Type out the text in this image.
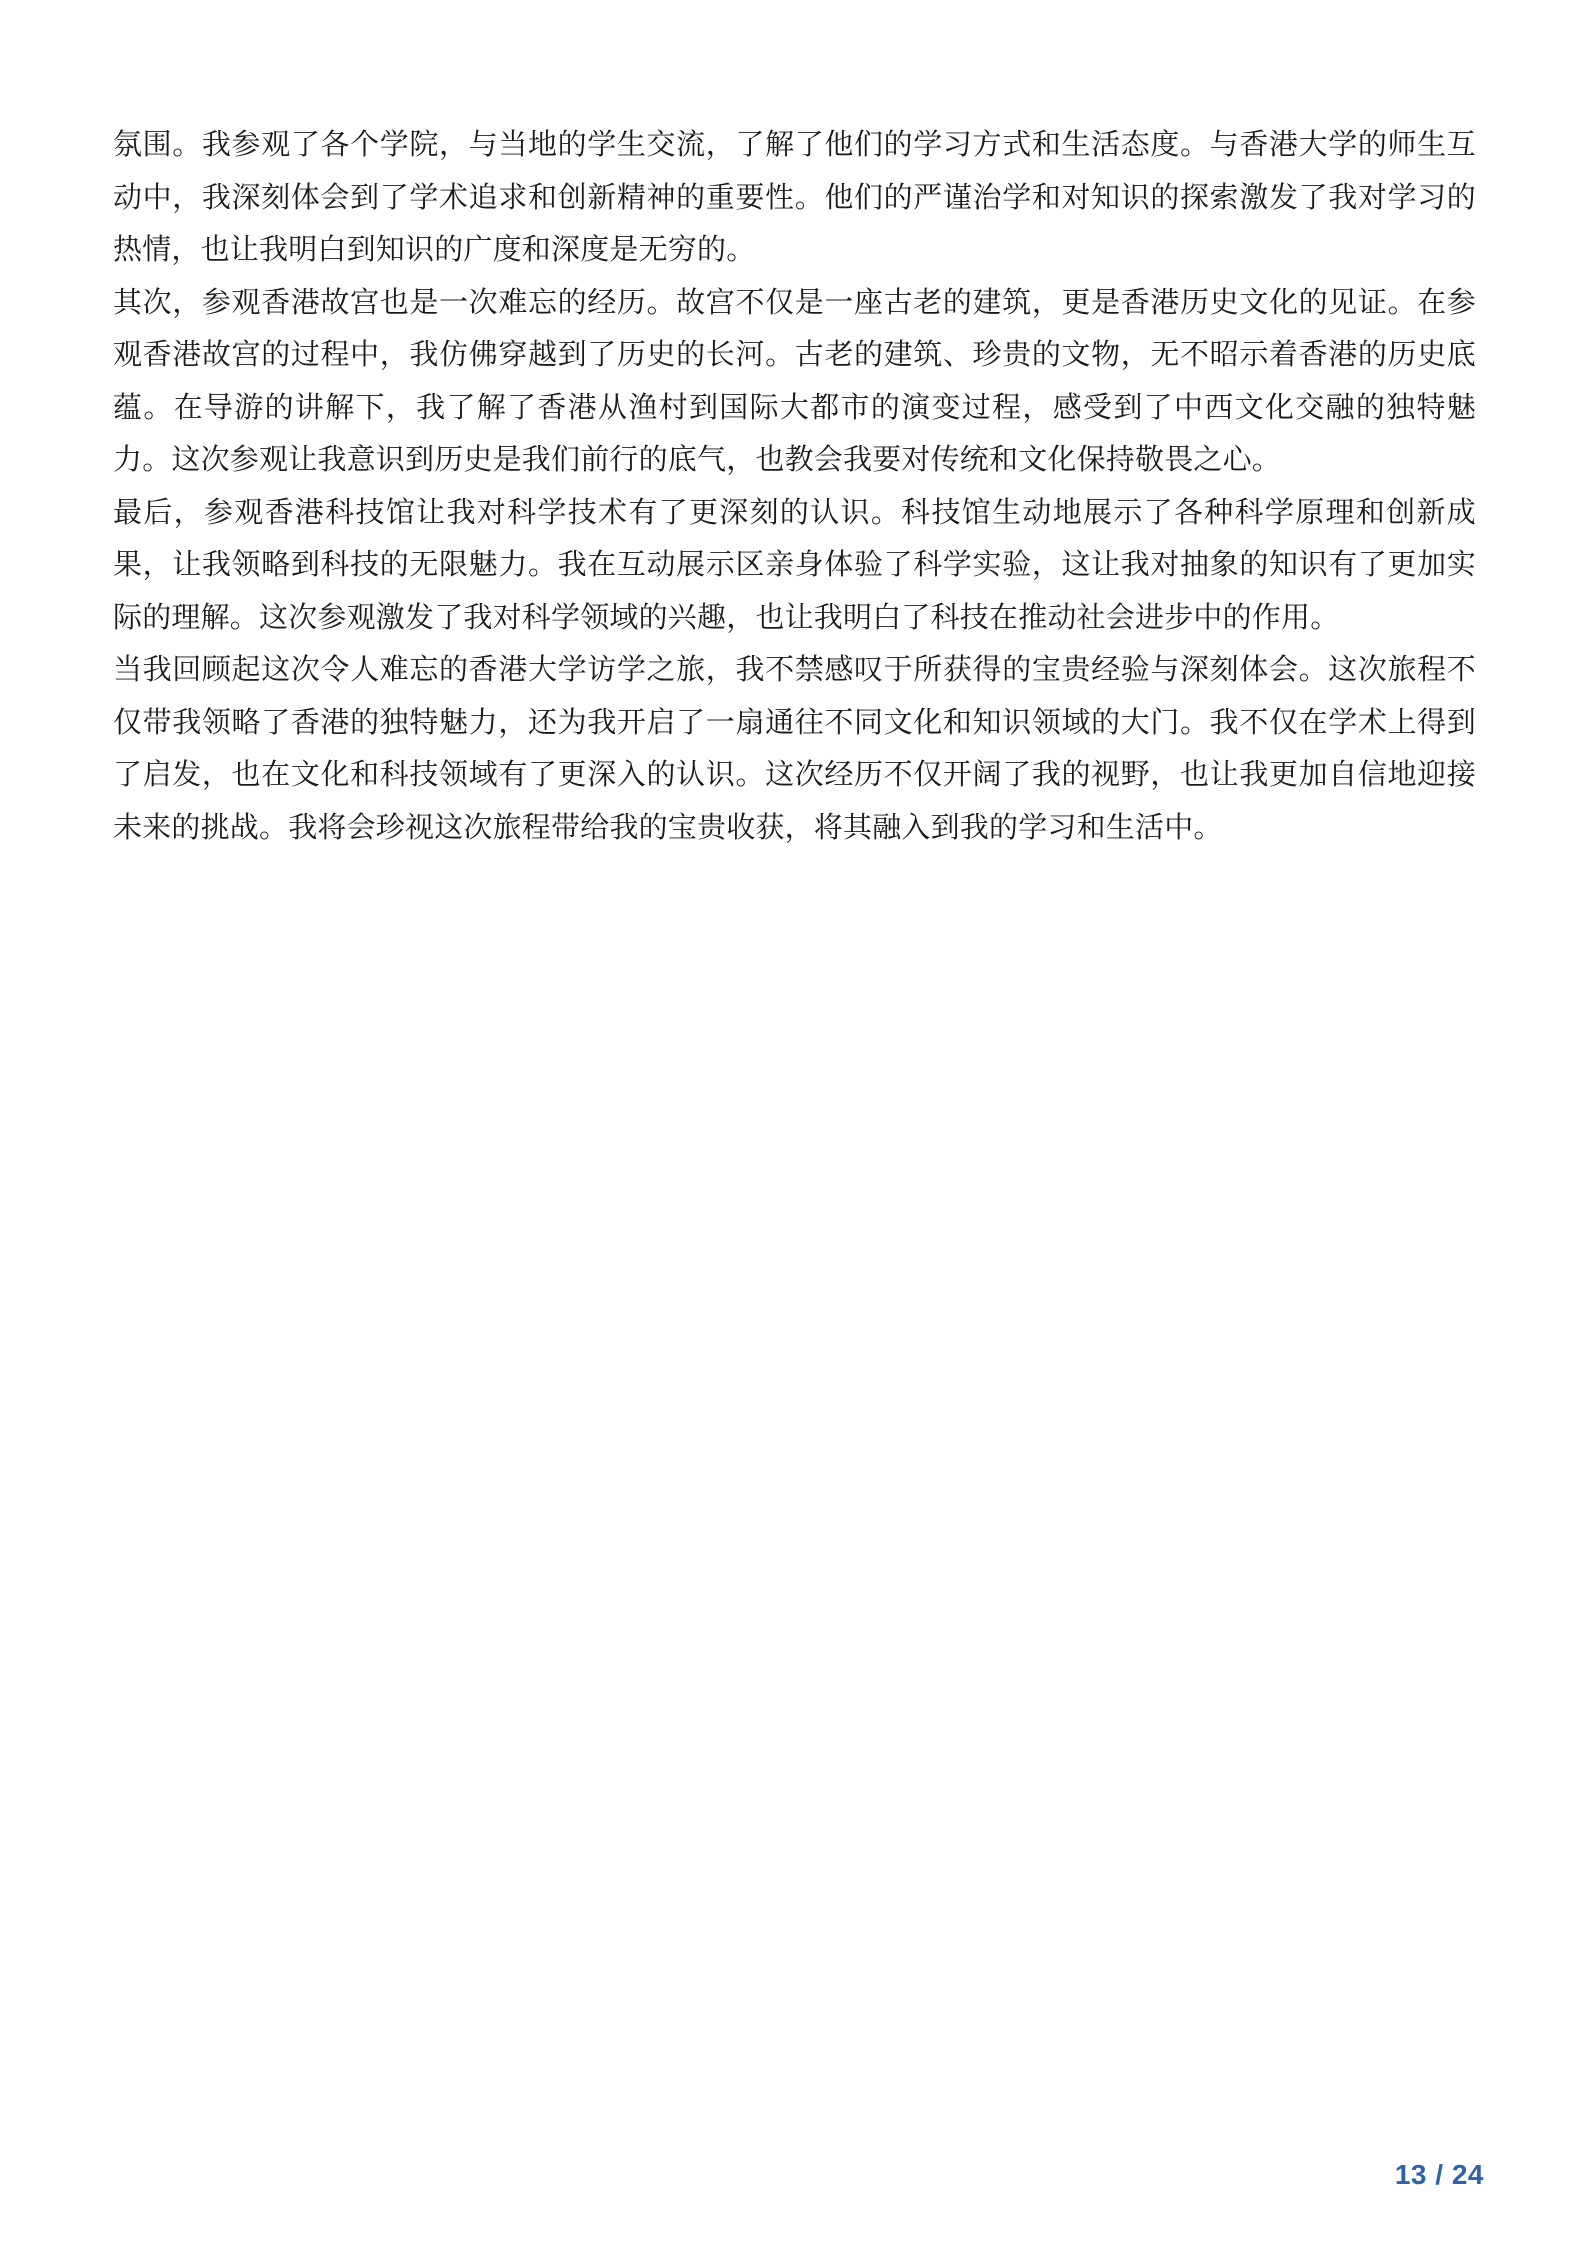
氛围。我参观了各个学院，与当地的学生交流，了解了他们的学习方式和生活态度。与香港大学的师生互动中，我深刻体会到了学术追求和创新精神的重要性。他们的严谨治学和对知识的探索激发了我对学习的热情，也让我明白到知识的广度和深度是无穷的。

其次，参观香港故宫也是一次难忘的经历。故宫不仅是一座古老的建筑，更是香港历史文化的见证。在参观香港故宫的过程中，我仿佛穿越到了历史的长河。古老的建筑、珍贵的文物，无不昭示着香港的历史底蕴。在导游的讲解下，我了解了香港从渔村到国际大都市的演变过程，感受到了中西文化交融的独特魅力。这次参观让我意识到历史是我们前行的底气，也教会我要对传统和文化保持敬畏之心。

最后，参观香港科技馆让我对科学技术有了更深刻的认识。科技馆生动地展示了各种科学原理和创新成果，让我领略到科技的无限魅力。我在互动展示区亲身体验了科学实验，这让我对抽象的知识有了更加实际的理解。这次参观激发了我对科学领域的兴趣，也让我明白了科技在推动社会进步中的作用。

当我回顾起这次令人难忘的香港大学访学之旅，我不禁感叹于所获得的宝贵经验与深刻体会。这次旅程不仅带我领略了香港的独特魅力，还为我开启了一扇通往不同文化和知识领域的大门。我不仅在学术上得到了启发，也在文化和科技领域有了更深入的认识。这次经历不仅开阔了我的视野，也让我更加自信地迎接未来的挑战。我将会珍视这次旅程带给我的宝贵收获，将其融入到我的学习和生活中。

13 / 24
